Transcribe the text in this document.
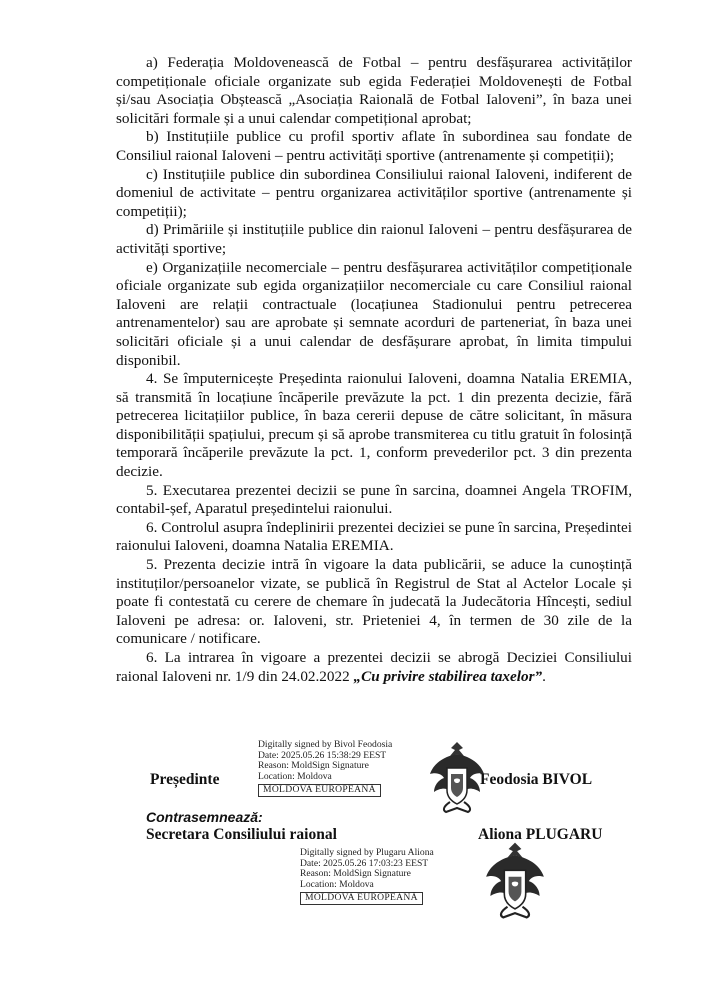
a) Federația Moldovenească de Fotbal – pentru desfășurarea activităților competiționale oficiale organizate sub egida Federației Moldovenești de Fotbal și/sau Asociația Obștească „Asociația Raională de Fotbal Ialoveni”, în baza unei solicitări formale și a unui calendar competițional aprobat;

b) Instituțiile publice cu profil sportiv aflate în subordinea sau fondate de Consiliul raional Ialoveni – pentru activități sportive (antrenamente și competiții);

c) Instituțiile publice din subordinea Consiliului raional Ialoveni, indiferent de domeniul de activitate – pentru organizarea activităților sportive (antrenamente și competiții);

d) Primăriile și instituțiile publice din raionul Ialoveni – pentru desfășurarea de activități sportive;

e) Organizațiile necomerciale – pentru desfășurarea activităților competiționale oficiale organizate sub egida organizațiilor necomerciale cu care Consiliul raional Ialoveni are relații contractuale (locațiunea Stadionului pentru petrecerea antrenamentelor) sau are aprobate și semnate acorduri de parteneriat, în baza unei solicitări oficiale și a unui calendar de desfășurare aprobat, în limita timpului disponibil.

4. Se împuternicește Președinta raionului Ialoveni, doamna Natalia EREMIA, să transmită în locațiune încăperile prevăzute la pct. 1 din prezenta decizie, fără petrecerea licitațiilor publice, în baza cererii depuse de către solicitant, în măsura disponibilității spațiului, precum și să aprobe transmiterea cu titlu gratuit în folosință temporară încăperile prevăzute la pct. 1, conform prevederilor pct. 3 din prezenta decizie.

5. Executarea prezentei decizii se pune în sarcina, doamnei Angela TROFIM, contabil-șef, Aparatul președintelui raionului.

6. Controlul asupra îndeplinirii prezentei deciziei se pune în sarcina, Președintei raionului Ialoveni, doamna Natalia EREMIA.

5. Prezenta decizie intră în vigoare la data publicării, se aduce la cunoștință instituților/persoanelor vizate, se publică în Registrul de Stat al Actelor Locale și poate fi contestată cu cerere de chemare în judecată la Judecătoria Hîncești, sediul Ialoveni pe adresa: or. Ialoveni, str. Prieteniei 4, în termen de 30 zile de la comunicare / notificare.

6. La intrarea în vigoare a prezentei decizii se abrogă Deciziei Consiliului raional Ialoveni nr. 1/9 din 24.02.2022 „Cu privire stabilirea taxelor”.

Președinte
Digitally signed by Bivol Feodosia
Date: 2025.05.26 15:38:29 EEST
Reason: MoldSign Signature
Location: Moldova
MOLDOVA EUROPEANĂ
Feodosia BIVOL
Contrasemnează:
Secretara Consiliului raional	Aliona PLUGARU
Digitally signed by Plugaru Aliona
Date: 2025.05.26 17:03:23 EEST
Reason: MoldSign Signature
Location: Moldova
MOLDOVA EUROPEANĂ
